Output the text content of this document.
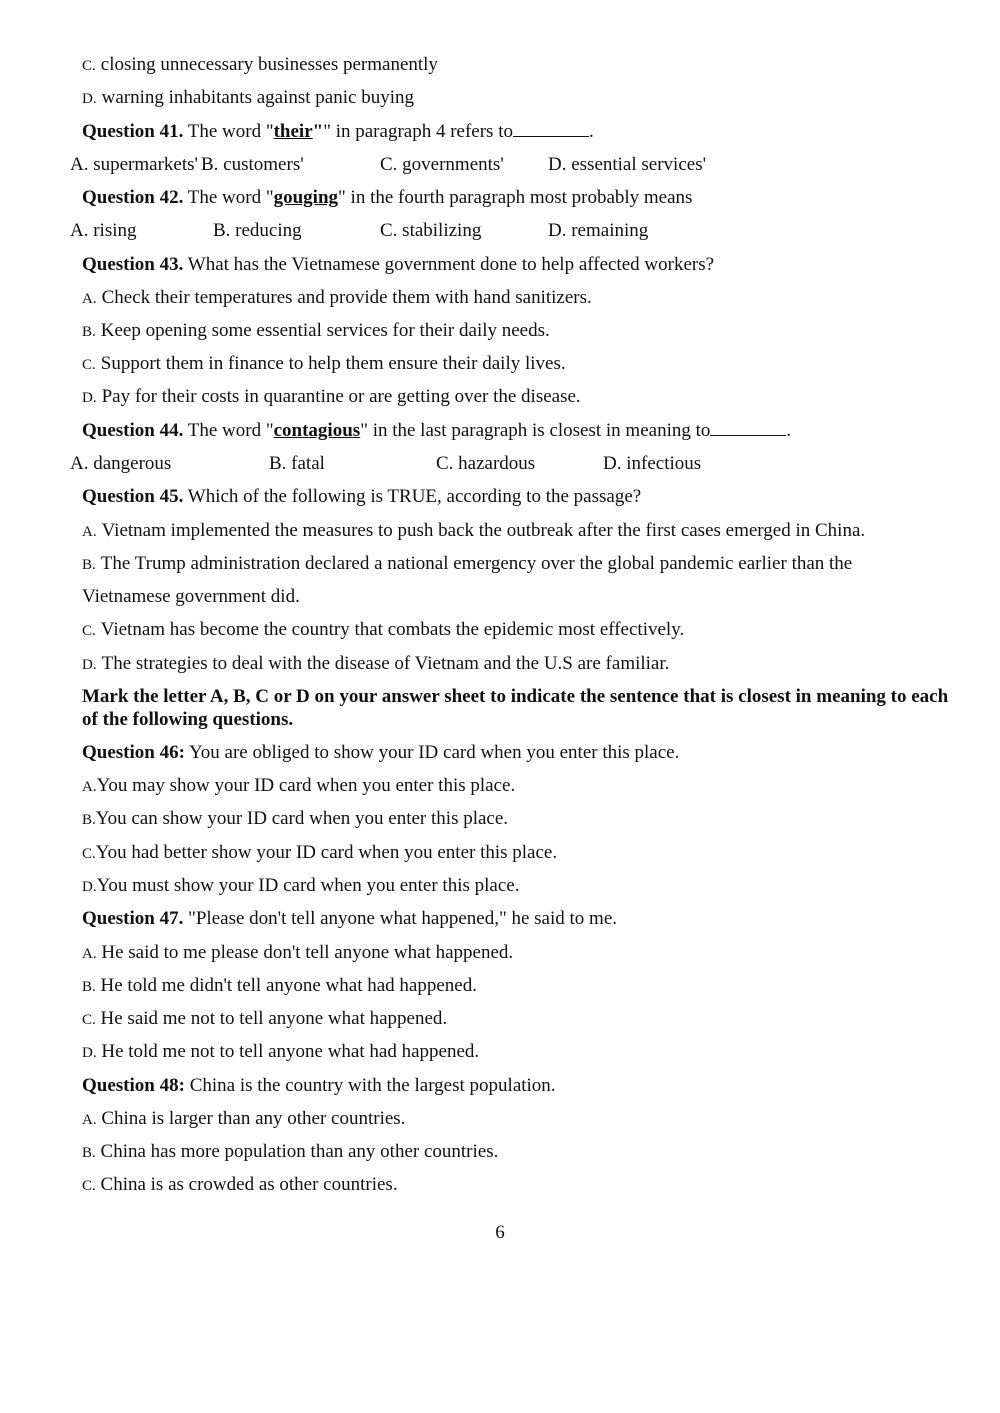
C. closing unnecessary businesses permanently
D. warning inhabitants against panic buying
Question 41. The word "their"" in paragraph 4 refers to	.
A. supermarkets' B. customers'	C. governments' D. essential services'
Question 42. The word "gouging" in the fourth paragraph most probably means
A. rising	B. reducing	C. stabilizing	D. remaining
Question 43. What has the Vietnamese government done to help affected workers?
A. Check their temperatures and provide them with hand sanitizers.
B. Keep opening some essential services for their daily needs.
C. Support them in finance to help them ensure their daily lives.
D. Pay for their costs in quarantine or are getting over the disease.
Question 44. The word "contagious" in the last paragraph is closest in meaning to	.
A. dangerous	B. fatal	C. hazardous	D. infectious
Question 45. Which of the following is TRUE, according to the passage?
A. Vietnam implemented the measures to push back the outbreak after the first cases emerged in China.
B. The Trump administration declared a national emergency over the global pandemic earlier than the
Vietnamese government did.
C. Vietnam has become the country that combats the epidemic most effectively.
D. The strategies to deal with the disease of Vietnam and the U.S are familiar.
Mark the letter A, B, C or D on your answer sheet to indicate the sentence that is closest in meaning to each of the following questions.
Question 46: You are obliged to show your ID card when you enter this place.
A.You may show your ID card when you enter this place.
B.You can show your ID card when you enter this place.
C.You had better show your ID card when you enter this place.
D.You must show your ID card when you enter this place.
Question 47. "Please don't tell anyone what happened," he said to me.
A. He said to me please don't tell anyone what happened.
B. He told me didn't tell anyone what had happened.
C. He said me not to tell anyone what happened.
D. He told me not to tell anyone what had happened.
Question 48: China is the country with the largest population.
A. China is larger than any other countries.
B. China has more population than any other countries.
C. China is as crowded as other countries.
6
